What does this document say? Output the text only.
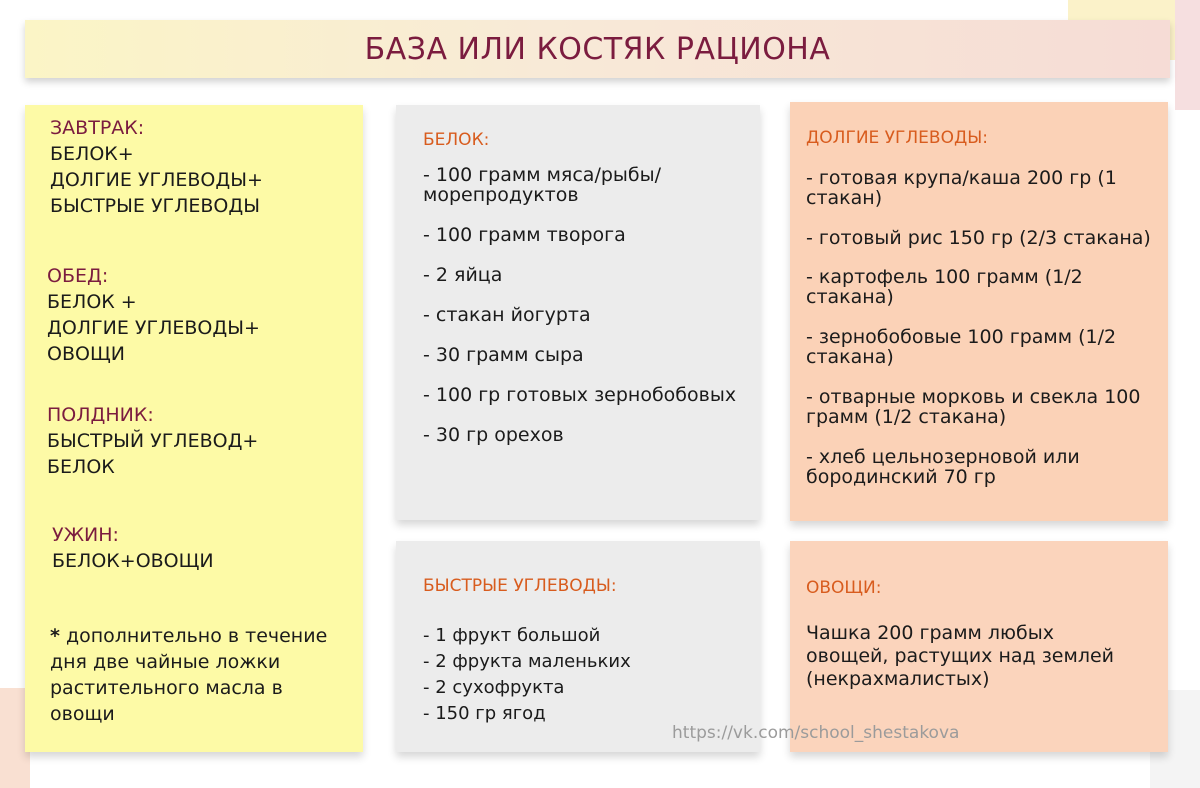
БАЗА ИЛИ КОСТЯК РАЦИОНА
ЗАВТРАК:
БЕЛОК+
ДОЛГИЕ УГЛЕВОДЫ+
БЫСТРЫЕ УГЛЕВОДЫ
ОБЕД:
БЕЛОК +
ДОЛГИЕ УГЛЕВОДЫ+
ОВОЩИ
ПОЛДНИК:
БЫСТРЫЙ УГЛЕВОД+
БЕЛОК
УЖИН:
БЕЛОК+ОВОЩИ
* дополнительно в течение
дня две чайные ложки
растительного масла в
овощи
БЕЛОК:
- 100 грамм мяса/рыбы/
морепродуктов
- 100 грамм творога
- 2 яйца
- стакан йогурта
- 30 грамм сыра
- 100 гр готовых зернобобовых
- 30 гр орехов
ДОЛГИЕ УГЛЕВОДЫ:
- готовая крупа/каша 200 гр (1
стакан)
- готовый рис 150 гр (2/3 стакана)
- картофель 100 грамм (1/2
стакана)
- зернобобовые 100 грамм (1/2
стакана)
- отварные морковь и свекла 100
грамм (1/2 стакана)
- хлеб цельнозерновой или
бородинский 70 гр
БЫСТРЫЕ УГЛЕВОДЫ:
- 1 фрукт большой
- 2 фрукта маленьких
- 2 сухофрукта
- 150 гр ягод
ОВОЩИ:
Чашка 200 грамм любых
овощей, растущих над землей
(некрахмалистых)
https://vk.com/school_shestakova
